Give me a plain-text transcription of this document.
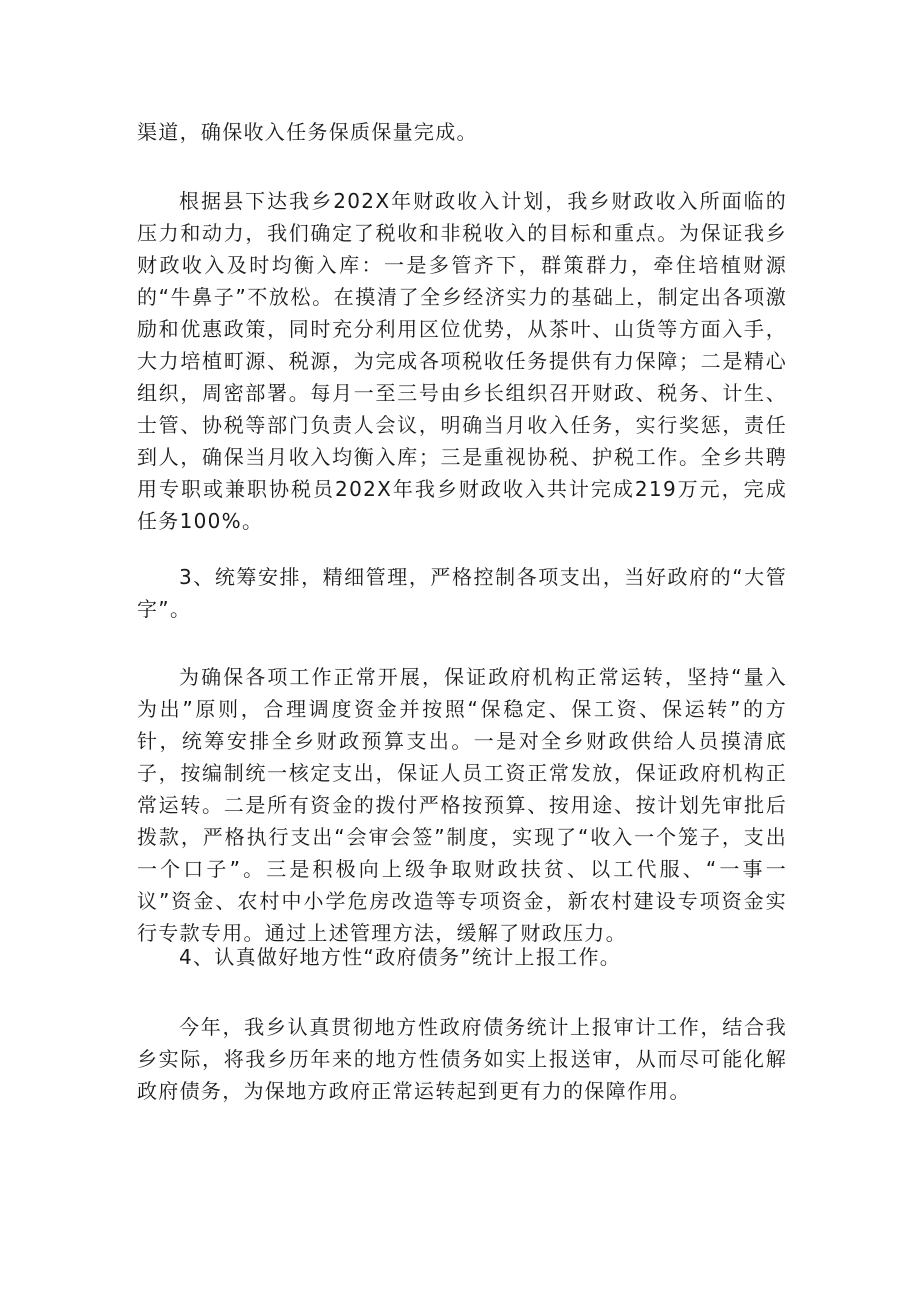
渠道，确保收入任务保质保量完成。

根据县下达我乡202X年财政收入计划，我乡财政收入所面临的压力和动力，我们确定了税收和非税收入的目标和重点。为保证我乡财政收入及时均衡入库：一是多管齐下，群策群力，牵住培植财源的“牛鼻子”不放松。在摸清了全乡经济实力的基础上，制定出各项激励和优惠政策，同时充分利用区位优势，从茶叶、山货等方面入手，大力培植町源、税源，为完成各项税收任务提供有力保障；二是精心组织，周密部署。每月一至三号由乡长组织召开财政、税务、计生、士管、协税等部门负责人会议，明确当月收入任务，实行奖惩，责任到人，确保当月收入均衡入库；三是重视协税、护税工作。全乡共聘用专职或兼职协税员202X年我乡财政收入共计完成219万元，完成任务100%。

3、统筹安排，精细管理，严格控制各项支出，当好政府的“大管字”。

为确保各项工作正常开展，保证政府机构正常运转，坚持“量入为出”原则，合理调度资金并按照“保稳定、保工资、保运转”的方针，统筹安排全乡财政预算支出。一是对全乡财政供给人员摸清底子，按编制统一核定支出，保证人员工资正常发放，保证政府机构正常运转。二是所有资金的拨付严格按预算、按用途、按计划先审批后拨款，严格执行支出“会审会签”制度，实现了“收入一个笼子，支出一个口子”。三是积极向上级争取财政扶贫、以工代服、“一事一议”资金、农村中小学危房改造等专项资金，新农村建设专项资金实行专款专用。通过上述管理方法，缓解了财政压力。

4、认真做好地方性“政府债务”统计上报工作。

今年，我乡认真贯彻地方性政府债务统计上报审计工作，结合我乡实际，将我乡历年来的地方性债务如实上报送审，从而尽可能化解政府债务，为保地方政府正常运转起到更有力的保障作用。
